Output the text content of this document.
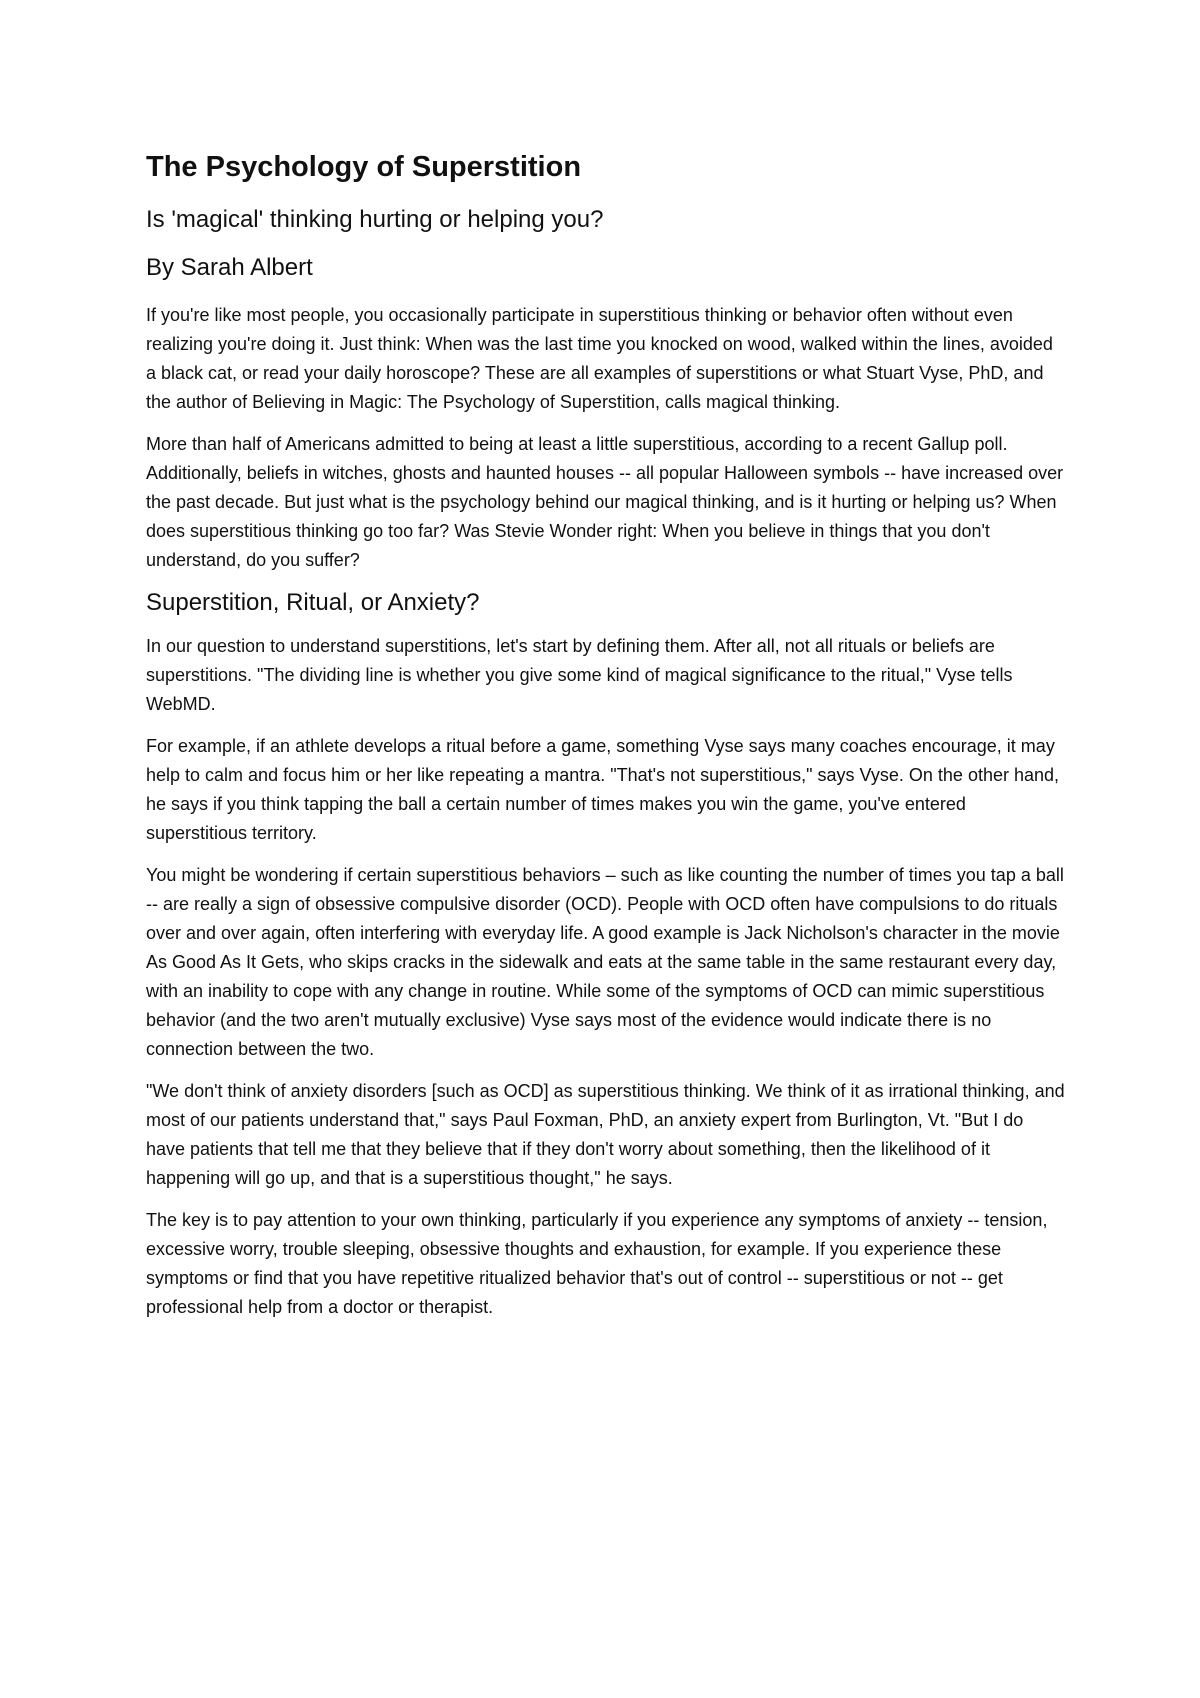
The Psychology of Superstition
Is 'magical' thinking hurting or helping you?
By Sarah Albert

If you're like most people, you occasionally participate in superstitious thinking or behavior often without even realizing you're doing it. Just think: When was the last time you knocked on wood, walked within the lines, avoided a black cat, or read your daily horoscope? These are all examples of superstitions or what Stuart Vyse, PhD, and the author of Believing in Magic: The Psychology of Superstition, calls magical thinking.

More than half of Americans admitted to being at least a little superstitious, according to a recent Gallup poll. Additionally, beliefs in witches, ghosts and haunted houses -- all popular Halloween symbols -- have increased over the past decade. But just what is the psychology behind our magical thinking, and is it hurting or helping us? When does superstitious thinking go too far? Was Stevie Wonder right: When you believe in things that you don't understand, do you suffer?

Superstition, Ritual, or Anxiety?

In our question to understand superstitions, let's start by defining them. After all, not all rituals or beliefs are superstitions. "The dividing line is whether you give some kind of magical significance to the ritual," Vyse tells WebMD.

For example, if an athlete develops a ritual before a game, something Vyse says many coaches encourage, it may help to calm and focus him or her like repeating a mantra. "That's not superstitious," says Vyse. On the other hand, he says if you think tapping the ball a certain number of times makes you win the game, you've entered superstitious territory.

You might be wondering if certain superstitious behaviors – such as like counting the number of times you tap a ball -- are really a sign of obsessive compulsive disorder (OCD). People with OCD often have compulsions to do rituals over and over again, often interfering with everyday life. A good example is Jack Nicholson's character in the movie As Good As It Gets, who skips cracks in the sidewalk and eats at the same table in the same restaurant every day, with an inability to cope with any change in routine. While some of the symptoms of OCD can mimic superstitious behavior (and the two aren't mutually exclusive) Vyse says most of the evidence would indicate there is no connection between the two.

"We don't think of anxiety disorders [such as OCD] as superstitious thinking. We think of it as irrational thinking, and most of our patients understand that," says Paul Foxman, PhD, an anxiety expert from Burlington, Vt. "But I do have patients that tell me that they believe that if they don't worry about something, then the likelihood of it happening will go up, and that is a superstitious thought," he says.

The key is to pay attention to your own thinking, particularly if you experience any symptoms of anxiety -- tension, excessive worry, trouble sleeping, obsessive thoughts and exhaustion, for example. If you experience these symptoms or find that you have repetitive ritualized behavior that's out of control -- superstitious or not -- get professional help from a doctor or therapist.
